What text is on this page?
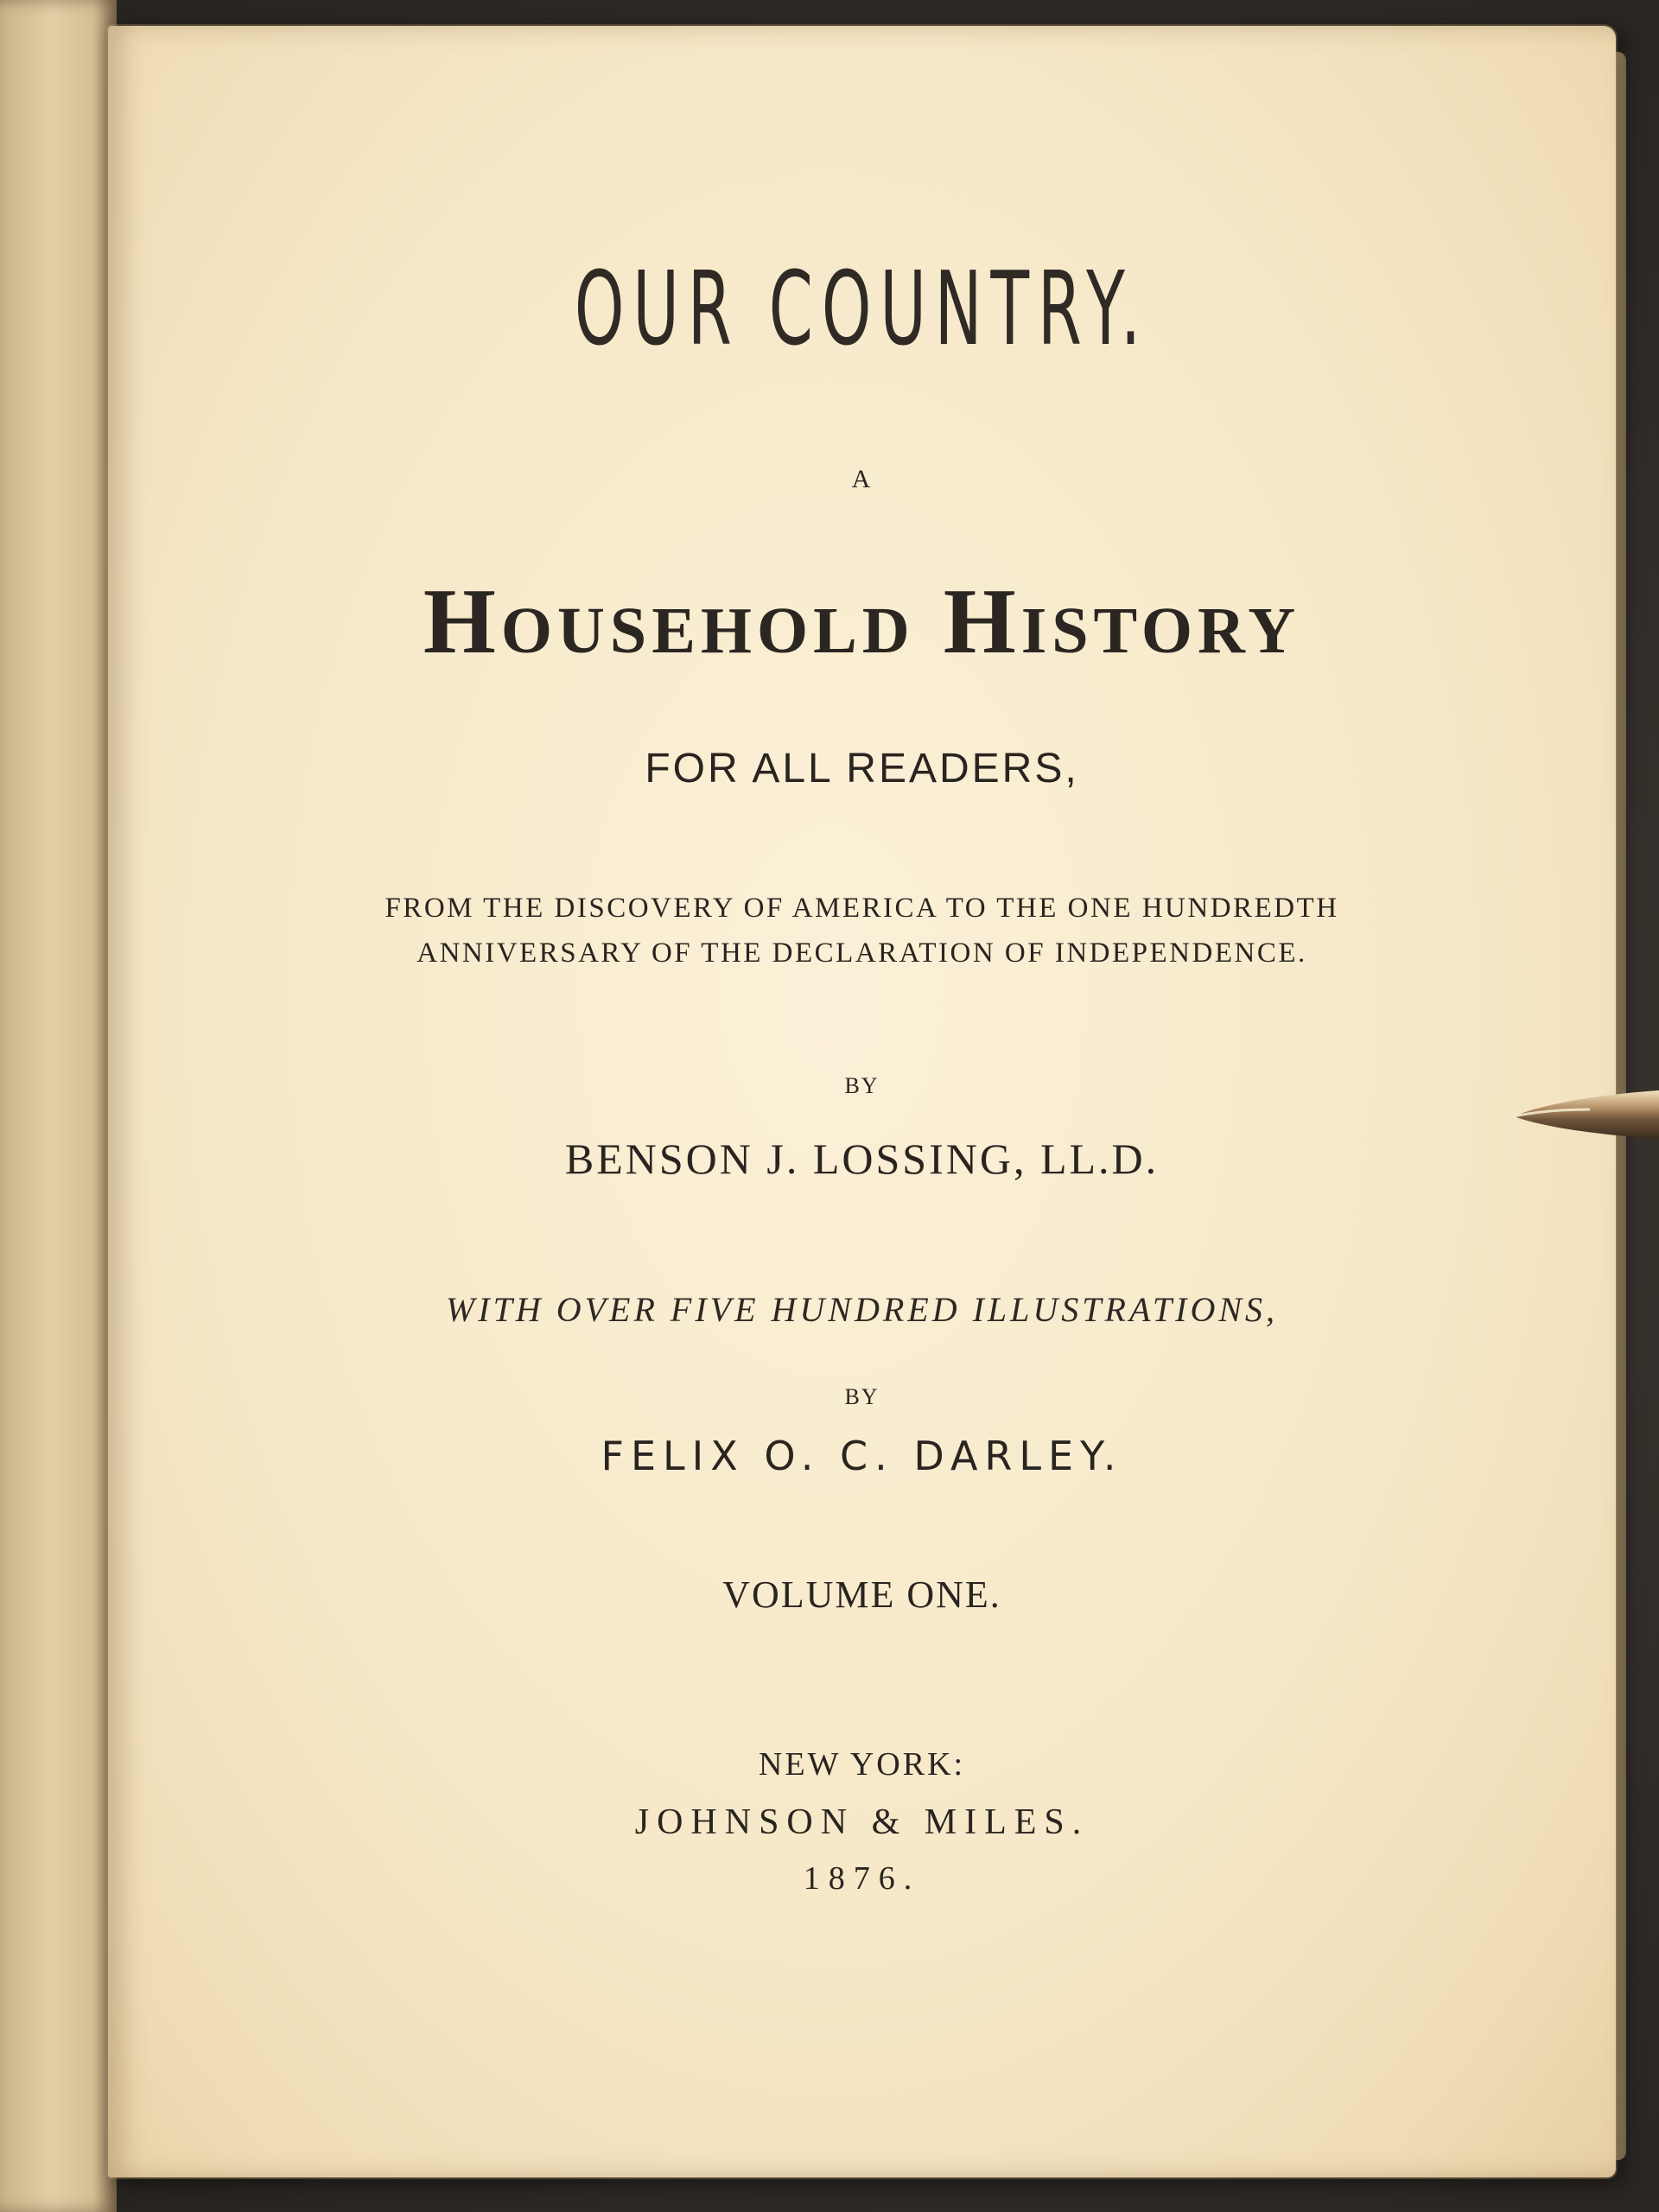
OUR COUNTRY.
A
Household History
FOR ALL READERS,
FROM THE DISCOVERY OF AMERICA TO THE ONE HUNDREDTH
ANNIVERSARY OF THE DECLARATION OF INDEPENDENCE.
BY
BENSON J. LOSSING, LL.D.
WITH OVER FIVE HUNDRED ILLUSTRATIONS,
BY
FELIX O. C. DARLEY.
VOLUME ONE.
NEW YORK:
JOHNSON & MILES.
1876.
